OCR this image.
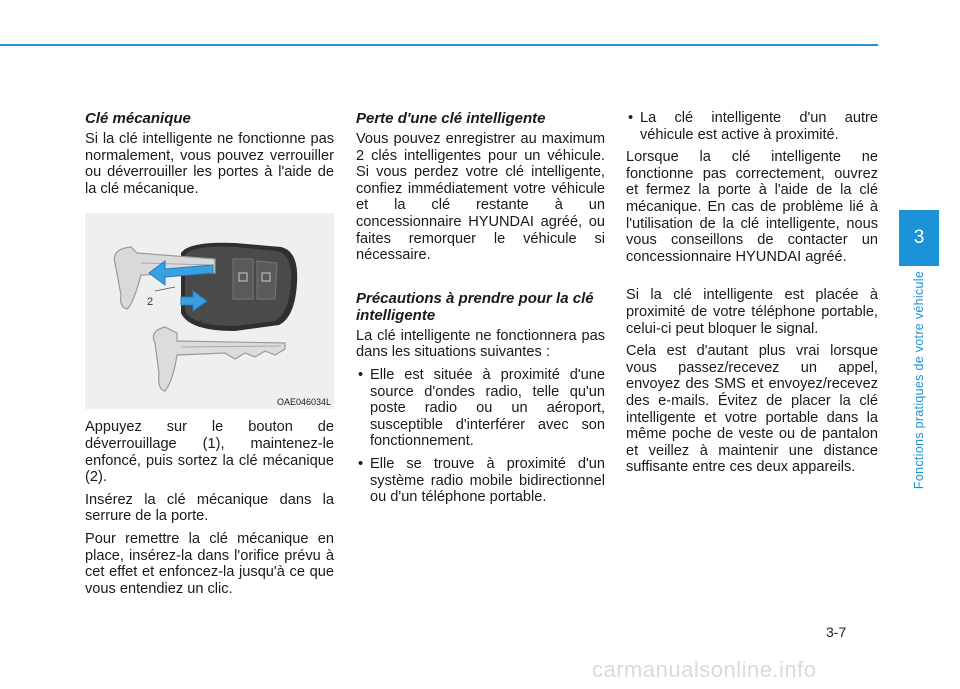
Clé mécanique

Si la clé intelligente ne fonctionne pas normalement, vous pouvez verrouiller ou déverrouiller les portes à l'aide de la clé mécanique.

2
1
OAE046034L

Appuyez sur le bouton de déverrouillage (1), maintenez-le enfoncé, puis sortez la clé mécanique (2).

Insérez la clé mécanique dans la serrure de la porte.

Pour remettre la clé mécanique en place, insérez-la dans l'orifice prévu à cet effet et enfoncez-la jusqu'à ce que vous entendiez un clic.

Perte d'une clé intelligente

Vous pouvez enregistrer au maximum 2 clés intelligentes pour un véhicule. Si vous perdez votre clé intelligente, confiez immédiatement votre véhicule et la clé restante à un concessionnaire HYUNDAI agréé, ou faites remorquer le véhicule si nécessaire.

Précautions à prendre pour la clé intelligente

La clé intelligente ne fonctionnera pas dans les situations suivantes :

• Elle est située à proximité d'une source d'ondes radio, telle qu'un poste radio ou un aéroport, susceptible d'interférer avec son fonctionnement.
• Elle se trouve à proximité d'un système radio mobile bidirectionnel ou d'un téléphone portable.
• La clé intelligente d'un autre véhicule est active à proximité.

Lorsque la clé intelligente ne fonctionne pas correctement, ouvrez et fermez la porte à l'aide de la clé mécanique. En cas de problème lié à l'utilisation de la clé intelligente, nous vous conseillons de contacter un concessionnaire HYUNDAI agréé.

Si la clé intelligente est placée à proximité de votre téléphone portable, celui-ci peut bloquer le signal.

Cela est d'autant plus vrai lorsque vous passez/recevez un appel, envoyez des SMS et envoyez/recevez des e-mails. Évitez de placer la clé intelligente et votre portable dans la même poche de veste ou de pantalon et veillez à maintenir une distance suffisante entre ces deux appareils.

3
Fonctions pratiques de votre véhicule
3-7
carmanualsonline.info
